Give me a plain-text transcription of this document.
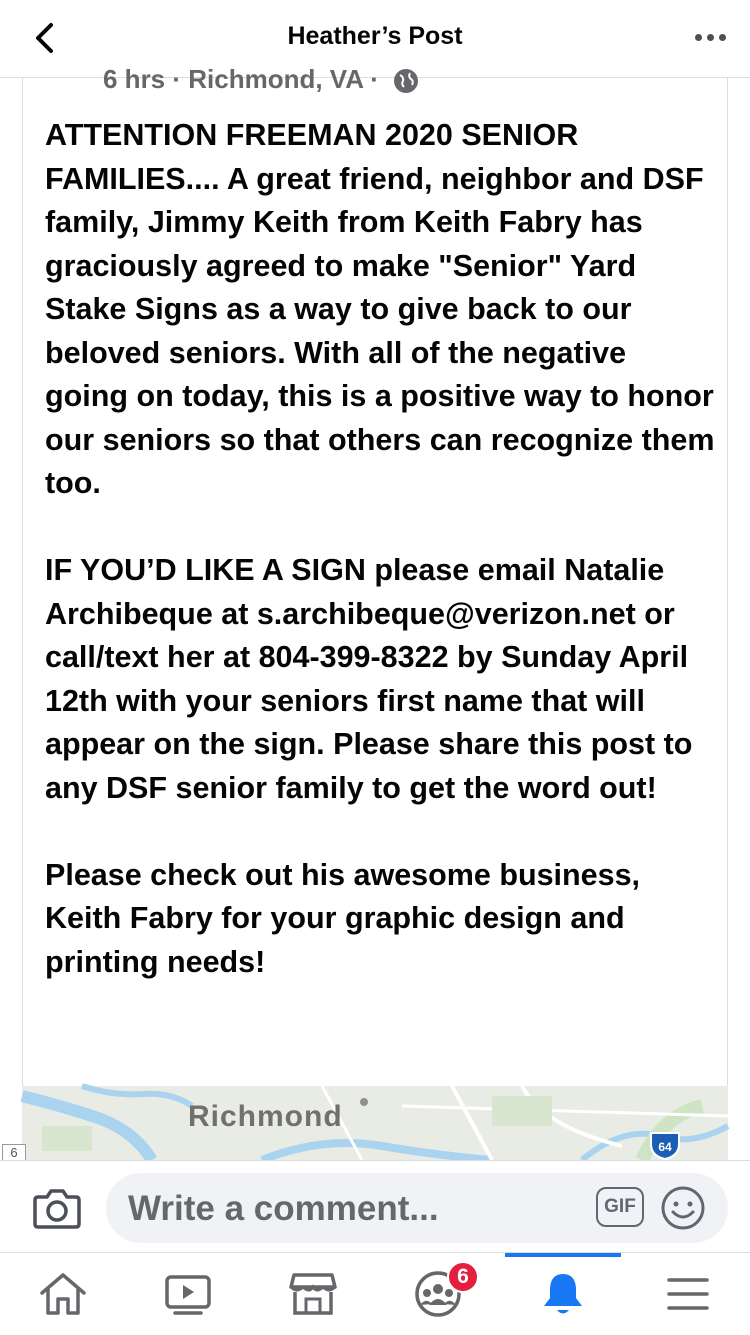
Heather’s Post
6 hrs · Richmond, VA ·

ATTENTION FREEMAN 2020 SENIOR FAMILIES.... A great friend, neighbor and DSF family, Jimmy Keith from Keith Fabry has graciously agreed to make "Senior" Yard Stake Signs as a way to give back to our beloved seniors. With all of the negative going on today, this is a positive way to honor our seniors so that others can recognize them too.

IF YOU’D LIKE A SIGN please email Natalie Archibeque at s.archibeque@verizon.net or call/text her at 804-399-8322 by Sunday April 12th with your seniors first name that will appear on the sign. Please share this post to any DSF senior family to get the word out!

Please check out his awesome business, Keith Fabry for your graphic design and printing needs!

Richmond
6	64
Write a comment...	GIF
6
